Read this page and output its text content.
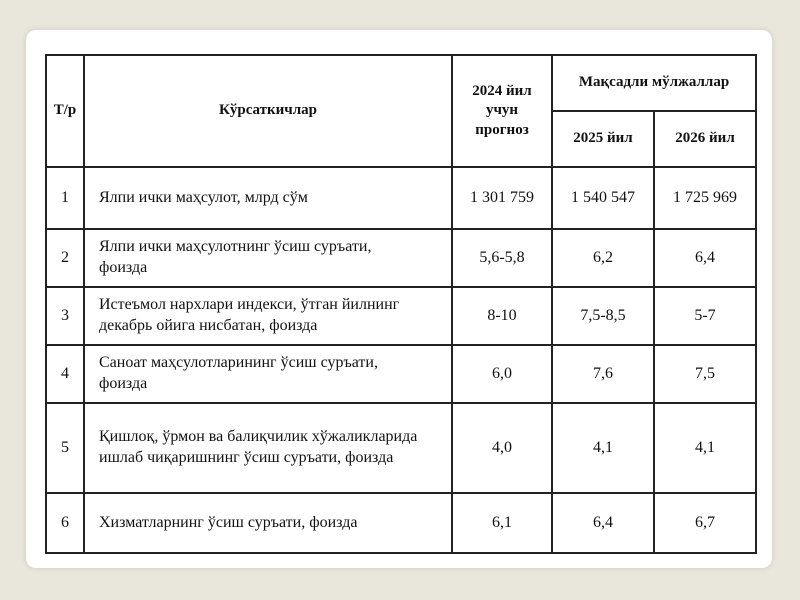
Т/р	Кўрсаткичлар	2024 йил
учун
прогноз	Мақсадли мўлжаллар	
			2025 йил	2026 йил
1	Ялпи ички маҳсулот, млрд сўм	1 301 759	1 540 547	1 725 969
2	Ялпи ички маҳсулотнинг ўсиш суръати,
фоизда	5,6-5,8	6,2	6,4
3	Истеъмол нархлари индекси, ўтган йилнинг
декабрь ойига нисбатан, фоизда	8-10	7,5-8,5	5-7
4	Саноат маҳсулотларининг ўсиш суръати,
фоизда	6,0	7,6	7,5
5	Қишлоқ, ўрмон ва балиқчилик хўжаликларида
ишлаб чиқаришнинг ўсиш суръати, фоизда	4,0	4,1	4,1
6	Хизматларнинг ўсиш суръати, фоизда	6,1	6,4	6,7
